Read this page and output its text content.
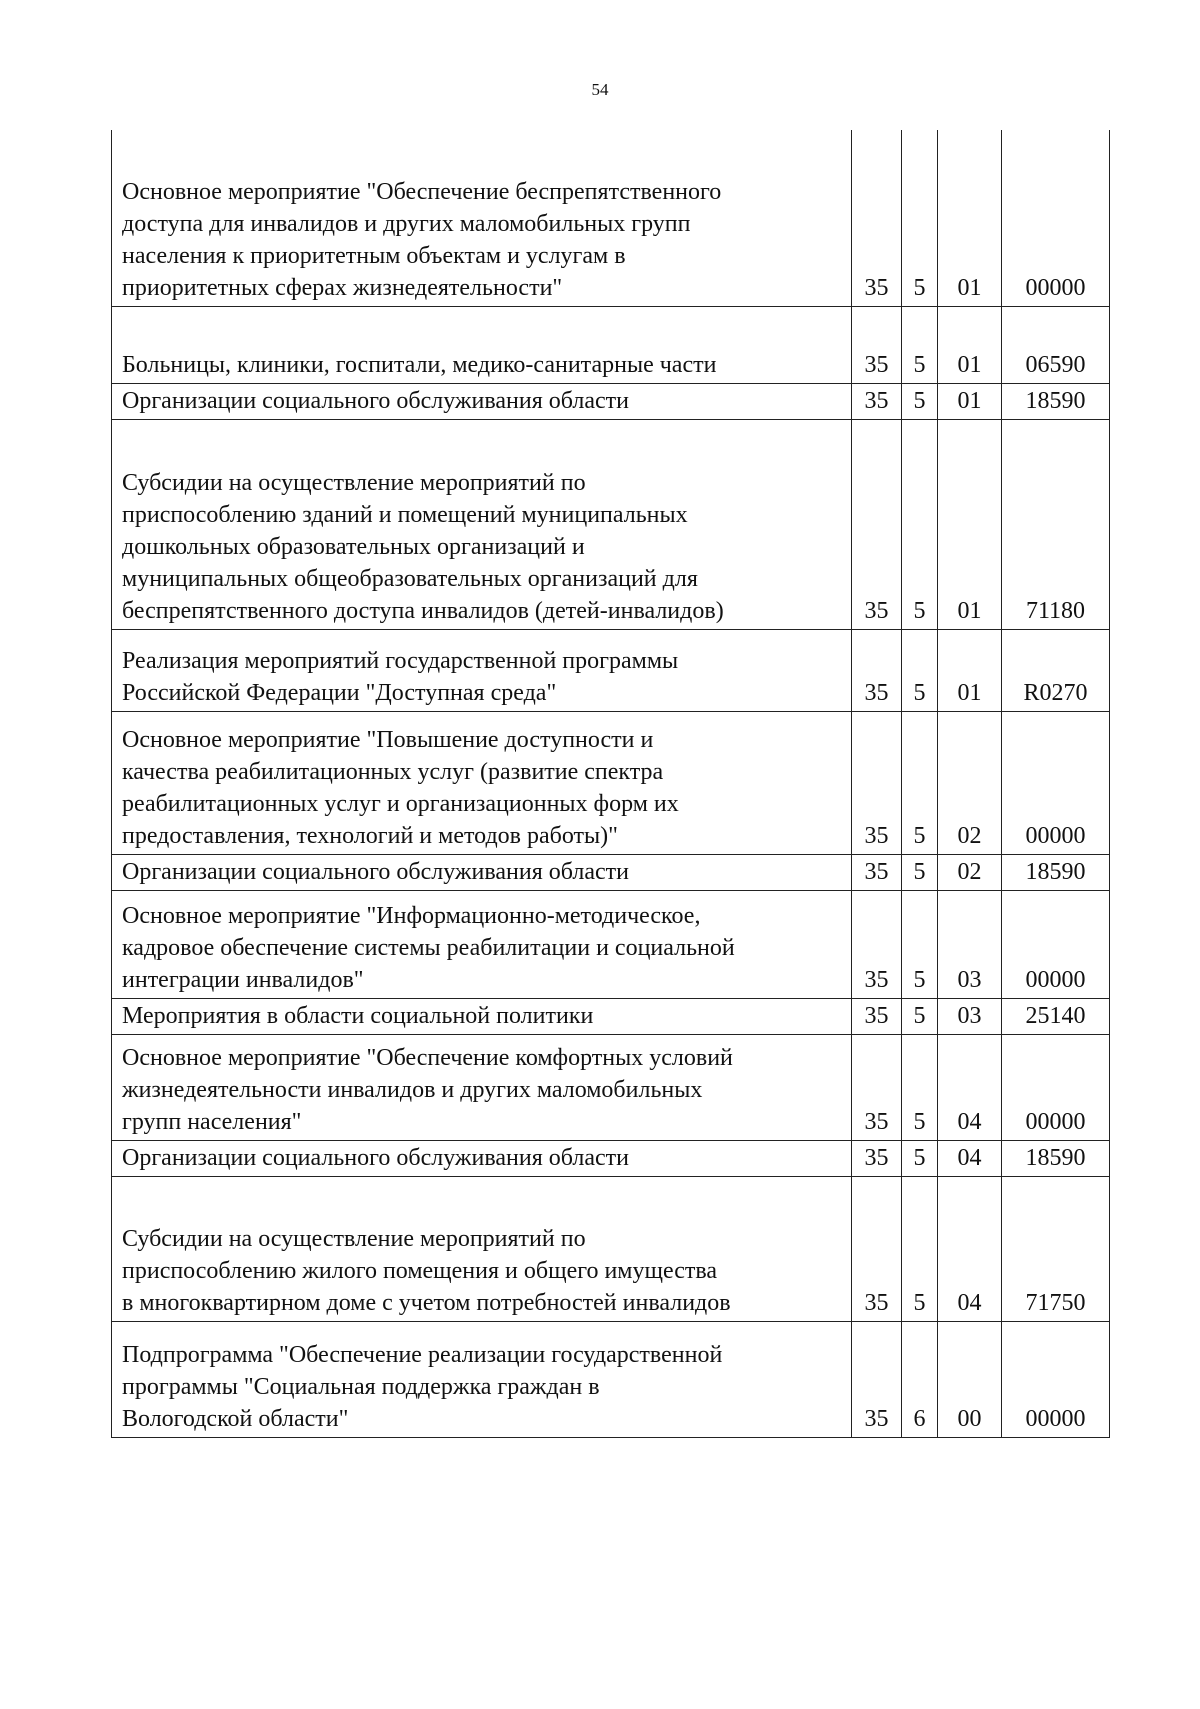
54
Основное мероприятие "Обеспечение беспрепятственного
доступа для инвалидов и других маломобильных групп
населения к приоритетным объектам и услугам в
приоритетных сферах жизнедеятельности"	35	5	01	00000

Больницы, клиники, госпитали, медико-санитарные части	35	5	01	06590

Организации социального обслуживания области	35	5	01	18590

Субсидии на осуществление мероприятий по
приспособлению зданий и помещений муниципальных
дошкольных образовательных организаций и
муниципальных общеобразовательных организаций для
беспрепятственного доступа инвалидов (детей-инвалидов)	35	5	01	71180

Реализация мероприятий государственной программы
Российской Федерации "Доступная среда"	35	5	01	R0270

Основное мероприятие "Повышение доступности и
качества реабилитационных услуг (развитие спектра
реабилитационных услуг и организационных форм их
предоставления, технологий и методов работы)"	35	5	02	00000

Организации социального обслуживания области	35	5	02	18590

Основное мероприятие "Информационно-методическое,
кадровое обеспечение системы реабилитации и социальной
интеграции инвалидов"	35	5	03	00000

Мероприятия в области социальной политики	35	5	03	25140

Основное мероприятие "Обеспечение комфортных условий
жизнедеятельности инвалидов и других маломобильных
групп населения"	35	5	04	00000

Организации социального обслуживания области	35	5	04	18590

Субсидии на осуществление мероприятий по
приспособлению жилого помещения и общего имущества
в многоквартирном доме с учетом потребностей инвалидов	35	5	04	71750

Подпрограмма "Обеспечение реализации государственной
программы "Социальная поддержка граждан в
Вологодской области"	35	6	00	00000
